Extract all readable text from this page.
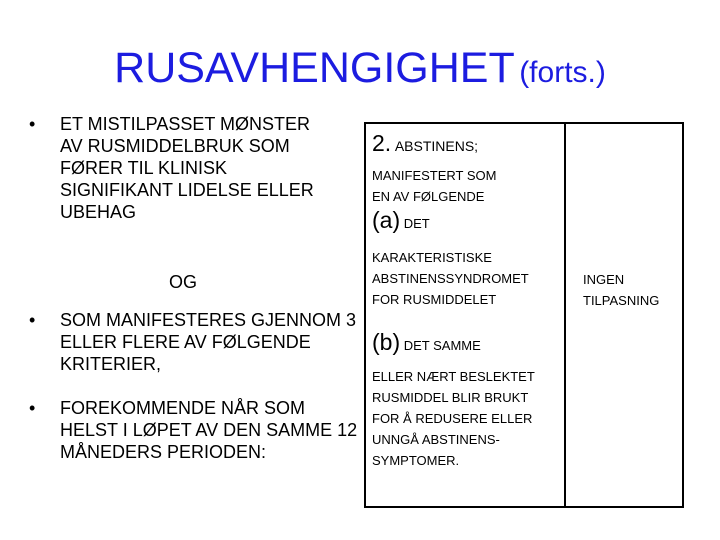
RUSAVHENGIGHET (forts.)
• ET MISTILPASSET MØNSTER AV RUSMIDDELBRUK SOM FØRER TIL KLINISK SIGNIFIKANT LIDELSE ELLER UBEHAG
OG
• SOM MANIFESTERES GJENNOM 3 ELLER FLERE AV FØLGENDE KRITERIER,
• FOREKOMMENDE NÅR SOM HELST I LØPET AV DEN SAMME 12 MÅNEDERS PERIODEN:
2. ABSTINENS;
MANIFESTERT SOM
EN AV FØLGENDE
(a) DET
KARAKTERISTISKE
ABSTINENSSYNDROMET
FOR RUSMIDDELET
(b) DET SAMME
ELLER NÆRT BESLEKTET
RUSMIDDEL BLIR BRUKT
FOR Å REDUSERE ELLER
UNNGÅ ABSTINENS-
SYMPTOMER.
INGEN
TILPASNING
